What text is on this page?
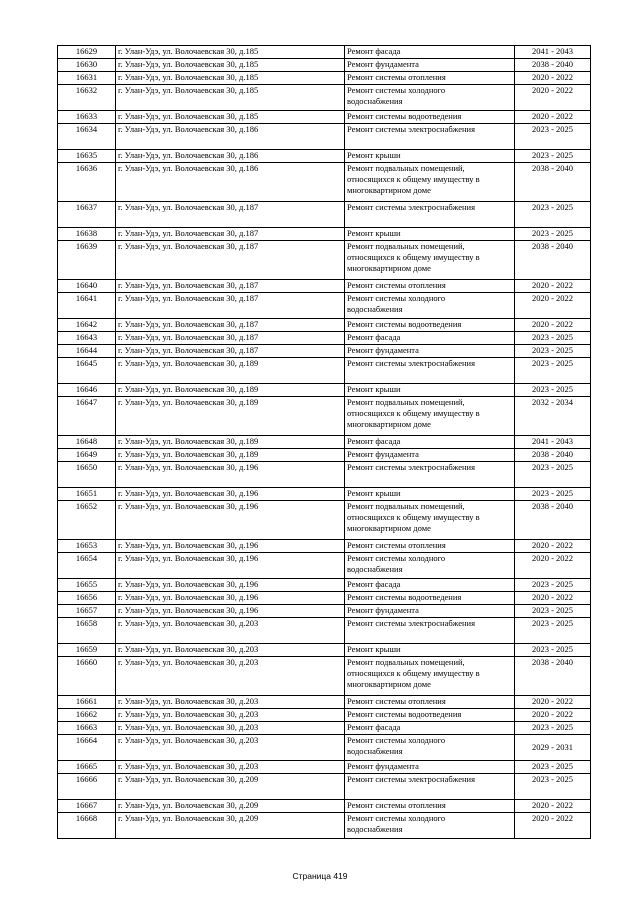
16629	г. Улан-Удэ, ул. Волочаевская 30, д.185	Ремонт фасада	2041 - 2043
16630	г. Улан-Удэ, ул. Волочаевская 30, д.185	Ремонт фундамента	2038 - 2040
16631	г. Улан-Удэ, ул. Волочаевская 30, д.185	Ремонт системы отопления	2020 - 2022
16632	г. Улан-Удэ, ул. Волочаевская 30, д.185	Ремонт системы холодного
водоснабжения	2020 - 2022
16633	г. Улан-Удэ, ул. Волочаевская 30, д.185	Ремонт системы водоотведения	2020 - 2022
16634	г. Улан-Удэ, ул. Волочаевская 30, д.186	Ремонт системы электроснабжения	2023 - 2025
16635	г. Улан-Удэ, ул. Волочаевская 30, д.186	Ремонт крыши	2023 - 2025
16636	г. Улан-Удэ, ул. Волочаевская 30, д.186	Ремонт подвальных помещений,
относящихся к общему имуществу в
многоквартирном доме	2038 - 2040
16637	г. Улан-Удэ, ул. Волочаевская 30, д.187	Ремонт системы электроснабжения	2023 - 2025
16638	г. Улан-Удэ, ул. Волочаевская 30, д.187	Ремонт крыши	2023 - 2025
16639	г. Улан-Удэ, ул. Волочаевская 30, д.187	Ремонт подвальных помещений,
относящихся к общему имуществу в
многоквартирном доме	2038 - 2040
16640	г. Улан-Удэ, ул. Волочаевская 30, д.187	Ремонт системы отопления	2020 - 2022
16641	г. Улан-Удэ, ул. Волочаевская 30, д.187	Ремонт системы холодного
водоснабжения	2020 - 2022
16642	г. Улан-Удэ, ул. Волочаевская 30, д.187	Ремонт системы водоотведения	2020 - 2022
16643	г. Улан-Удэ, ул. Волочаевская 30, д.187	Ремонт фасада	2023 - 2025
16644	г. Улан-Удэ, ул. Волочаевская 30, д.187	Ремонт фундамента	2023 - 2025
16645	г. Улан-Удэ, ул. Волочаевская 30, д.189	Ремонт системы электроснабжения	2023 - 2025
16646	г. Улан-Удэ, ул. Волочаевская 30, д.189	Ремонт крыши	2023 - 2025
16647	г. Улан-Удэ, ул. Волочаевская 30, д.189	Ремонт подвальных помещений,
относящихся к общему имуществу в
многоквартирном доме	2032 - 2034
16648	г. Улан-Удэ, ул. Волочаевская 30, д.189	Ремонт фасада	2041 - 2043
16649	г. Улан-Удэ, ул. Волочаевская 30, д.189	Ремонт фундамента	2038 - 2040
16650	г. Улан-Удэ, ул. Волочаевская 30, д.196	Ремонт системы электроснабжения	2023 - 2025
16651	г. Улан-Удэ, ул. Волочаевская 30, д.196	Ремонт крыши	2023 - 2025
16652	г. Улан-Удэ, ул. Волочаевская 30, д.196	Ремонт подвальных помещений,
относящихся к общему имуществу в
многоквартирном доме	2038 - 2040
16653	г. Улан-Удэ, ул. Волочаевская 30, д.196	Ремонт системы отопления	2020 - 2022
16654	г. Улан-Удэ, ул. Волочаевская 30, д.196	Ремонт системы холодного
водоснабжения	2020 - 2022
16655	г. Улан-Удэ, ул. Волочаевская 30, д.196	Ремонт фасада	2023 - 2025
16656	г. Улан-Удэ, ул. Волочаевская 30, д.196	Ремонт системы водоотведения	2020 - 2022
16657	г. Улан-Удэ, ул. Волочаевская 30, д.196	Ремонт фундамента	2023 - 2025
16658	г. Улан-Удэ, ул. Волочаевская 30, д.203	Ремонт системы электроснабжения	2023 - 2025
16659	г. Улан-Удэ, ул. Волочаевская 30, д.203	Ремонт крыши	2023 - 2025
16660	г. Улан-Удэ, ул. Волочаевская 30, д.203	Ремонт подвальных помещений,
относящихся к общему имуществу в
многоквартирном доме	2038 - 2040
16661	г. Улан-Удэ, ул. Волочаевская 30, д.203	Ремонт системы отопления	2020 - 2022
16662	г. Улан-Удэ, ул. Волочаевская 30, д.203	Ремонт системы водоотведения	2020 - 2022
16663	г. Улан-Удэ, ул. Волочаевская 30, д.203	Ремонт фасада	2023 - 2025
16664	г. Улан-Удэ, ул. Волочаевская 30, д.203	Ремонт системы холодного
водоснабжения	2029 - 2031
16665	г. Улан-Удэ, ул. Волочаевская 30, д.203	Ремонт фундамента	2023 - 2025
16666	г. Улан-Удэ, ул. Волочаевская 30, д.209	Ремонт системы электроснабжения	2023 - 2025
16667	г. Улан-Удэ, ул. Волочаевская 30, д.209	Ремонт системы отопления	2020 - 2022
16668	г. Улан-Удэ, ул. Волочаевская 30, д.209	Ремонт системы холодного
водоснабжения	2020 - 2022
Страница 419
